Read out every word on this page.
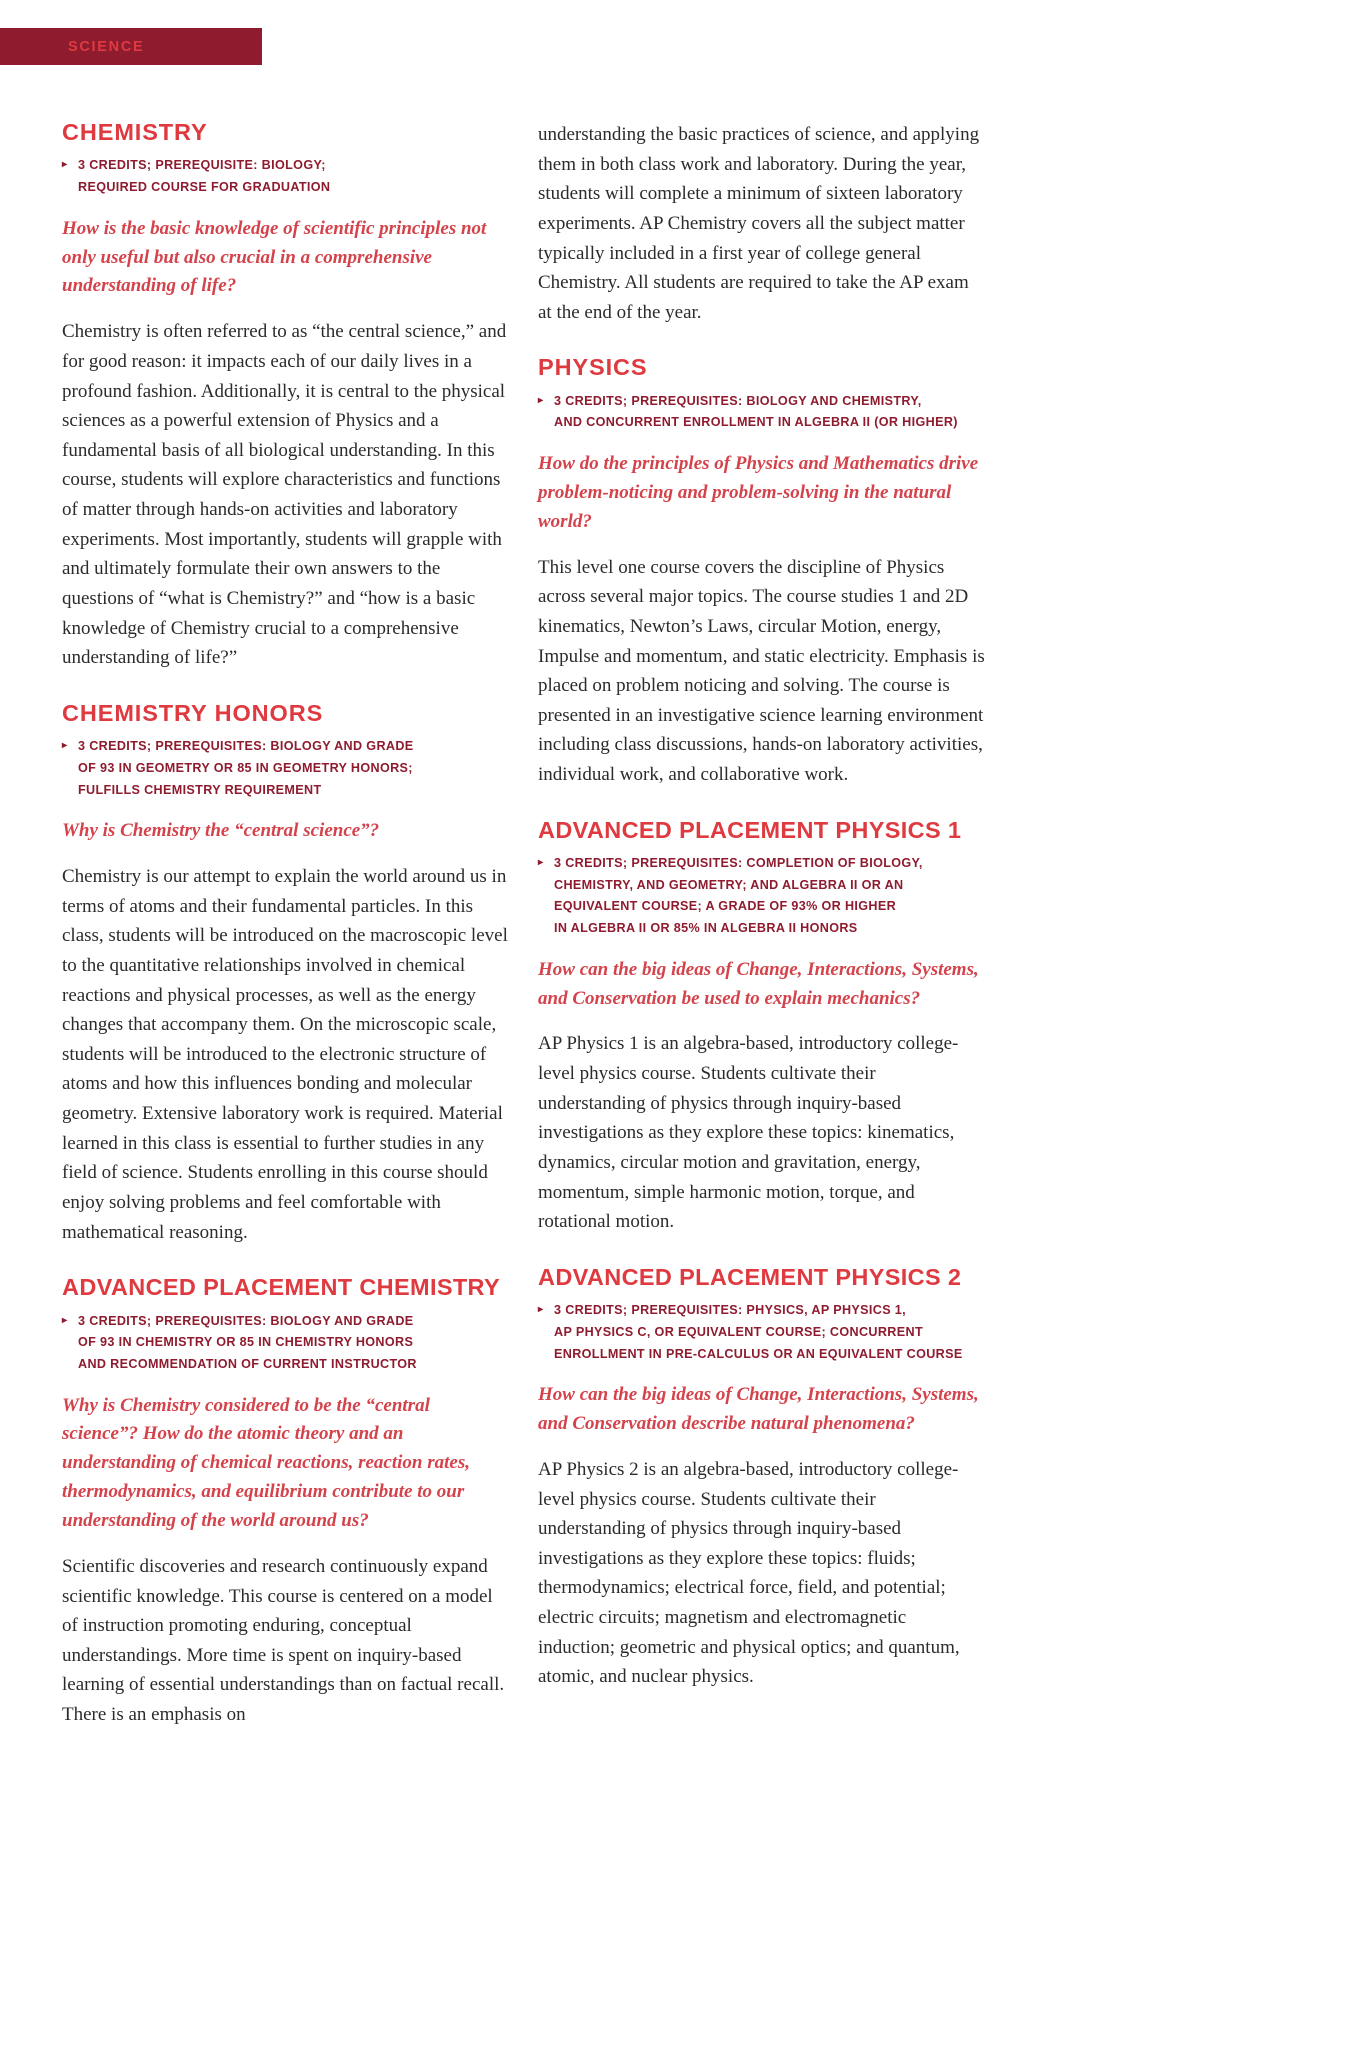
SCIENCE
CHEMISTRY
▸ 3 CREDITS; PREREQUISITE: BIOLOGY;
REQUIRED COURSE FOR GRADUATION

How is the basic knowledge of scientific principles not only useful but also crucial in a comprehensive understanding of life?

Chemistry is often referred to as “the central science,” and for good reason: it impacts each of our daily lives in a profound fashion. Additionally, it is central to the physical sciences as a powerful extension of Physics and a fundamental basis of all biological understanding. In this course, students will explore characteristics and functions of matter through hands-on activities and laboratory experiments. Most importantly, students will grapple with and ultimately formulate their own answers to the questions of “what is Chemistry?” and “how is a basic knowledge of Chemistry crucial to a comprehensive understanding of life?”

CHEMISTRY HONORS
▸ 3 CREDITS; PREREQUISITES: BIOLOGY AND GRADE
OF 93 IN GEOMETRY OR 85 IN GEOMETRY HONORS;
FULFILLS CHEMISTRY REQUIREMENT

Why is Chemistry the “central science”?

Chemistry is our attempt to explain the world around us in terms of atoms and their fundamental particles. In this class, students will be introduced on the macroscopic level to the quantitative relationships involved in chemical reactions and physical processes, as well as the energy changes that accompany them. On the microscopic scale, students will be introduced to the electronic structure of atoms and how this influences bonding and molecular geometry. Extensive laboratory work is required. Material learned in this class is essential to further studies in any field of science. Students enrolling in this course should enjoy solving problems and feel comfortable with mathematical reasoning.

ADVANCED PLACEMENT CHEMISTRY
▸ 3 CREDITS; PREREQUISITES: BIOLOGY AND GRADE
OF 93 IN CHEMISTRY OR 85 IN CHEMISTRY HONORS
AND RECOMMENDATION OF CURRENT INSTRUCTOR

Why is Chemistry considered to be the “central science”? How do the atomic theory and an understanding of chemical reactions, reaction rates, thermodynamics, and equilibrium contribute to our understanding of the world around us?

Scientific discoveries and research continuously expand scientific knowledge. This course is centered on a model of instruction promoting enduring, conceptual understandings. More time is spent on inquiry-based learning of essential understandings than on factual recall. There is an emphasis on

understanding the basic practices of science, and applying them in both class work and laboratory. During the year, students will complete a minimum of sixteen laboratory experiments. AP Chemistry covers all the subject matter typically included in a first year of college general Chemistry. All students are required to take the AP exam at the end of the year.

PHYSICS
▸ 3 CREDITS; PREREQUISITES: BIOLOGY AND CHEMISTRY,
AND CONCURRENT ENROLLMENT IN ALGEBRA II (OR HIGHER)

How do the principles of Physics and Mathematics drive problem-noticing and problem-solving in the natural world?

This level one course covers the discipline of Physics across several major topics. The course studies 1 and 2D kinematics, Newton’s Laws, circular Motion, energy, Impulse and momentum, and static electricity. Emphasis is placed on problem noticing and solving. The course is presented in an investigative science learning environment including class discussions, hands-on laboratory activities, individual work, and collaborative work.

ADVANCED PLACEMENT PHYSICS 1
▸ 3 CREDITS; PREREQUISITES: COMPLETION OF BIOLOGY,
CHEMISTRY, AND GEOMETRY; AND ALGEBRA II OR AN
EQUIVALENT COURSE; A GRADE OF 93% OR HIGHER
IN ALGEBRA II OR 85% IN ALGEBRA II HONORS

How can the big ideas of Change, Interactions, Systems, and Conservation be used to explain mechanics?

AP Physics 1 is an algebra-based, introductory college-level physics course. Students cultivate their understanding of physics through inquiry-based investigations as they explore these topics: kinematics, dynamics, circular motion and gravitation, energy, momentum, simple harmonic motion, torque, and rotational motion.

ADVANCED PLACEMENT PHYSICS 2
▸ 3 CREDITS; PREREQUISITES: PHYSICS, AP PHYSICS 1,
AP PHYSICS C, OR EQUIVALENT COURSE; CONCURRENT
ENROLLMENT IN PRE-CALCULUS OR AN EQUIVALENT COURSE

How can the big ideas of Change, Interactions, Systems, and Conservation describe natural phenomena?

AP Physics 2 is an algebra-based, introductory college-level physics course. Students cultivate their understanding of physics through inquiry-based investigations as they explore these topics: fluids; thermodynamics; electrical force, field, and potential; electric circuits; magnetism and electromagnetic induction; geometric and physical optics; and quantum, atomic, and nuclear physics.
